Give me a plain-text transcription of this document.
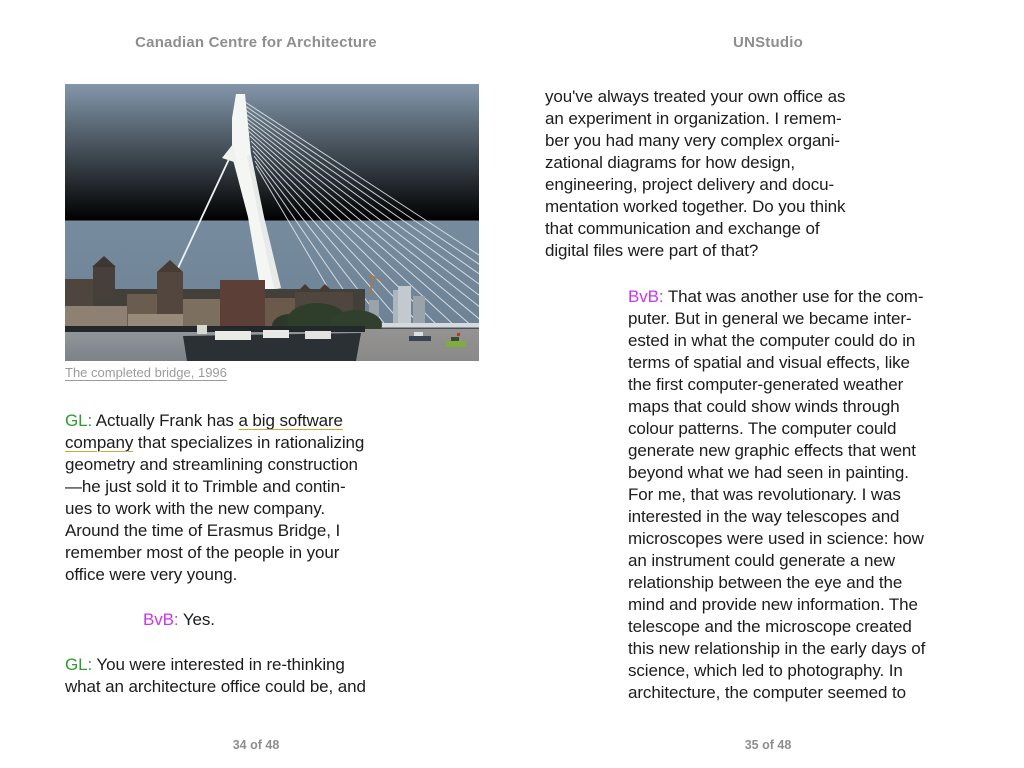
Canadian Centre for Architecture	UNStudio
The completed bridge, 1996
GL: Actually Frank has a big software
company that specializes in rationalizing
geometry and streamlining construction
—he just sold it to Trimble and contin-
ues to work with the new company.
Around the time of Erasmus Bridge, I
remember most of the people in your
office were very young.
BvB: Yes.
GL: You were interested in re-thinking
what an architecture office could be, and
you've always treated your own office as
an experiment in organization. I remem-
ber you had many very complex organi-
zational diagrams for how design,
engineering, project delivery and docu-
mentation worked together. Do you think
that communication and exchange of
digital files were part of that?
BvB: That was another use for the com-
puter. But in general we became inter-
ested in what the computer could do in
terms of spatial and visual effects, like
the first computer-generated weather
maps that could show winds through
colour patterns. The computer could
generate new graphic effects that went
beyond what we had seen in painting.
For me, that was revolutionary. I was
interested in the way telescopes and
microscopes were used in science: how
an instrument could generate a new
relationship between the eye and the
mind and provide new information. The
telescope and the microscope created
this new relationship in the early days of
science, which led to photography. In
architecture, the computer seemed to
34 of 48	35 of 48
